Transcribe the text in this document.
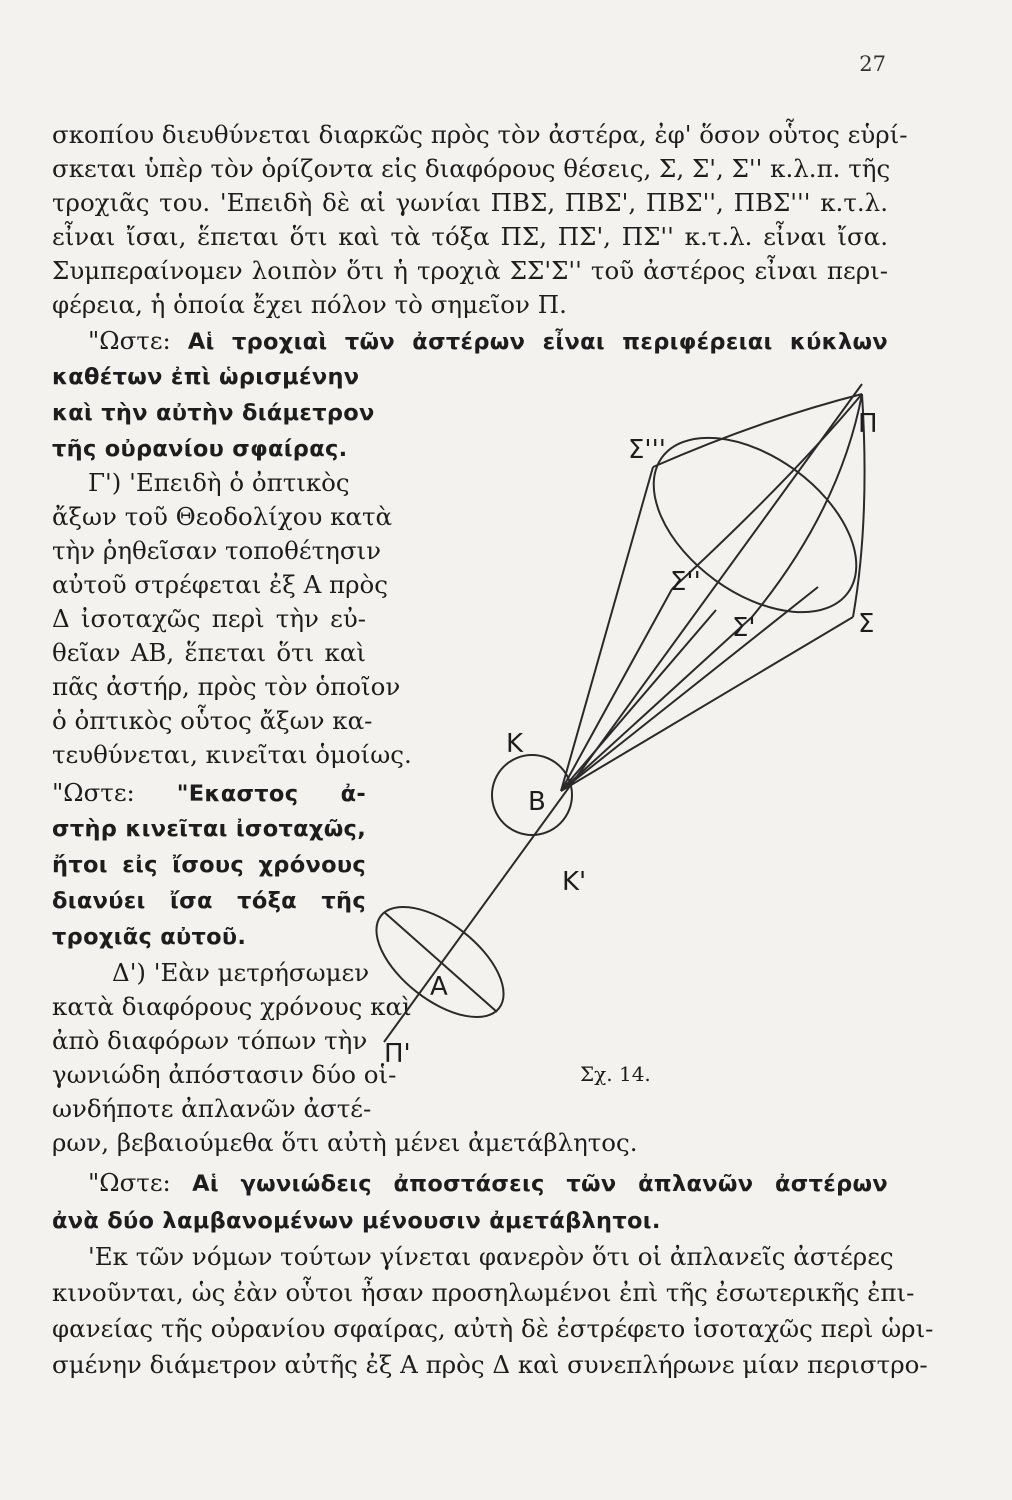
27
σκοπίου διευθύνεται διαρκῶς πρὸς τὸν ἀστέρα, ἐφ' ὅσον οὗτος εὑρί-
σκεται ὑπὲρ τὸν ὁρίζοντα εἰς διαφόρους θέσεις, Σ, Σ', Σ'' κ.λ.π. τῆς
τροχιᾶς του. 'Επειδὴ δὲ αἱ γωνίαι ΠΒΣ, ΠΒΣ', ΠΒΣ'', ΠΒΣ''' κ.τ.λ.
εἶναι ἴσαι, ἕπεται ὅτι καὶ τὰ τόξα ΠΣ, ΠΣ', ΠΣ'' κ.τ.λ. εἶναι ἴσα.
Συμπεραίνομεν λοιπὸν ὅτι ἡ τροχιὰ ΣΣ'Σ'' τοῦ ἀστέρος εἶναι περι-
φέρεια, ἡ ὁποία ἔχει πόλον τὸ σημεῖον Π.
"Ωστε: Αἱ τροχιαὶ τῶν ἀστέρων εἶναι περιφέρειαι κύκλων
καθέτων ἐπὶ ὡρισμένην
καὶ τὴν αὐτὴν διάμετρον
τῆς οὐρανίου σφαίρας.
Γ') 'Επειδὴ ὁ ὀπτικὸς
ἄξων τοῦ Θεοδολίχου κατὰ
τὴν ῥηθεῖσαν τοποθέτησιν
αὐτοῦ στρέφεται ἐξ Α πρὸς
Δ ἰσοταχῶς περὶ τὴν εὐ-
θεῖαν ΑΒ, ἕπεται ὅτι καὶ
πᾶς ἀστήρ, πρὸς τὸν ὁποῖον
ὁ ὀπτικὸς οὗτος ἄξων κα-
τευθύνεται, κινεῖται ὁμοίως.
"Ωστε: "Εκαστος ἀ-
στὴρ κινεῖται ἰσοταχῶς,
ἤτοι εἰς ἴσους χρόνους
διανύει ἴσα τόξα τῆς
τροχιᾶς αὐτοῦ.
Δ') 'Εὰν μετρήσωμεν
κατὰ διαφόρους χρόνους καὶ
ἀπὸ διαφόρων τόπων τὴν
γωνιώδη ἀπόστασιν δύο οἱ-
ωνδήποτε ἀπλανῶν ἀστέ-
ρων, βεβαιούμεθα ὅτι αὐτὴ μένει ἀμετάβλητος.
"Ωστε: Αἱ γωνιώδεις ἀποστάσεις τῶν ἀπλανῶν ἀστέρων
ἀνὰ δύο λαμβανομένων μένουσιν ἀμετάβλητοι.
'Εκ τῶν νόμων τούτων γίνεται φανερὸν ὅτι οἱ ἀπλανεῖς ἀστέρες
κινοῦνται, ὡς ἐὰν οὗτοι ἦσαν προσηλωμένοι ἐπὶ τῆς ἐσωτερικῆς ἐπι-
φανείας τῆς οὐρανίου σφαίρας, αὐτὴ δὲ ἐστρέφετο ἰσοταχῶς περὶ ὡρι-
σμένην διάμετρον αὐτῆς ἐξ Α πρὸς Δ καὶ συνεπλήρωνε μίαν περιστρο-
Π
Σ'''
Σ''
Σ'	Σ
Κ
Β
Κ'
Α
Π'
Σχ. 14.
